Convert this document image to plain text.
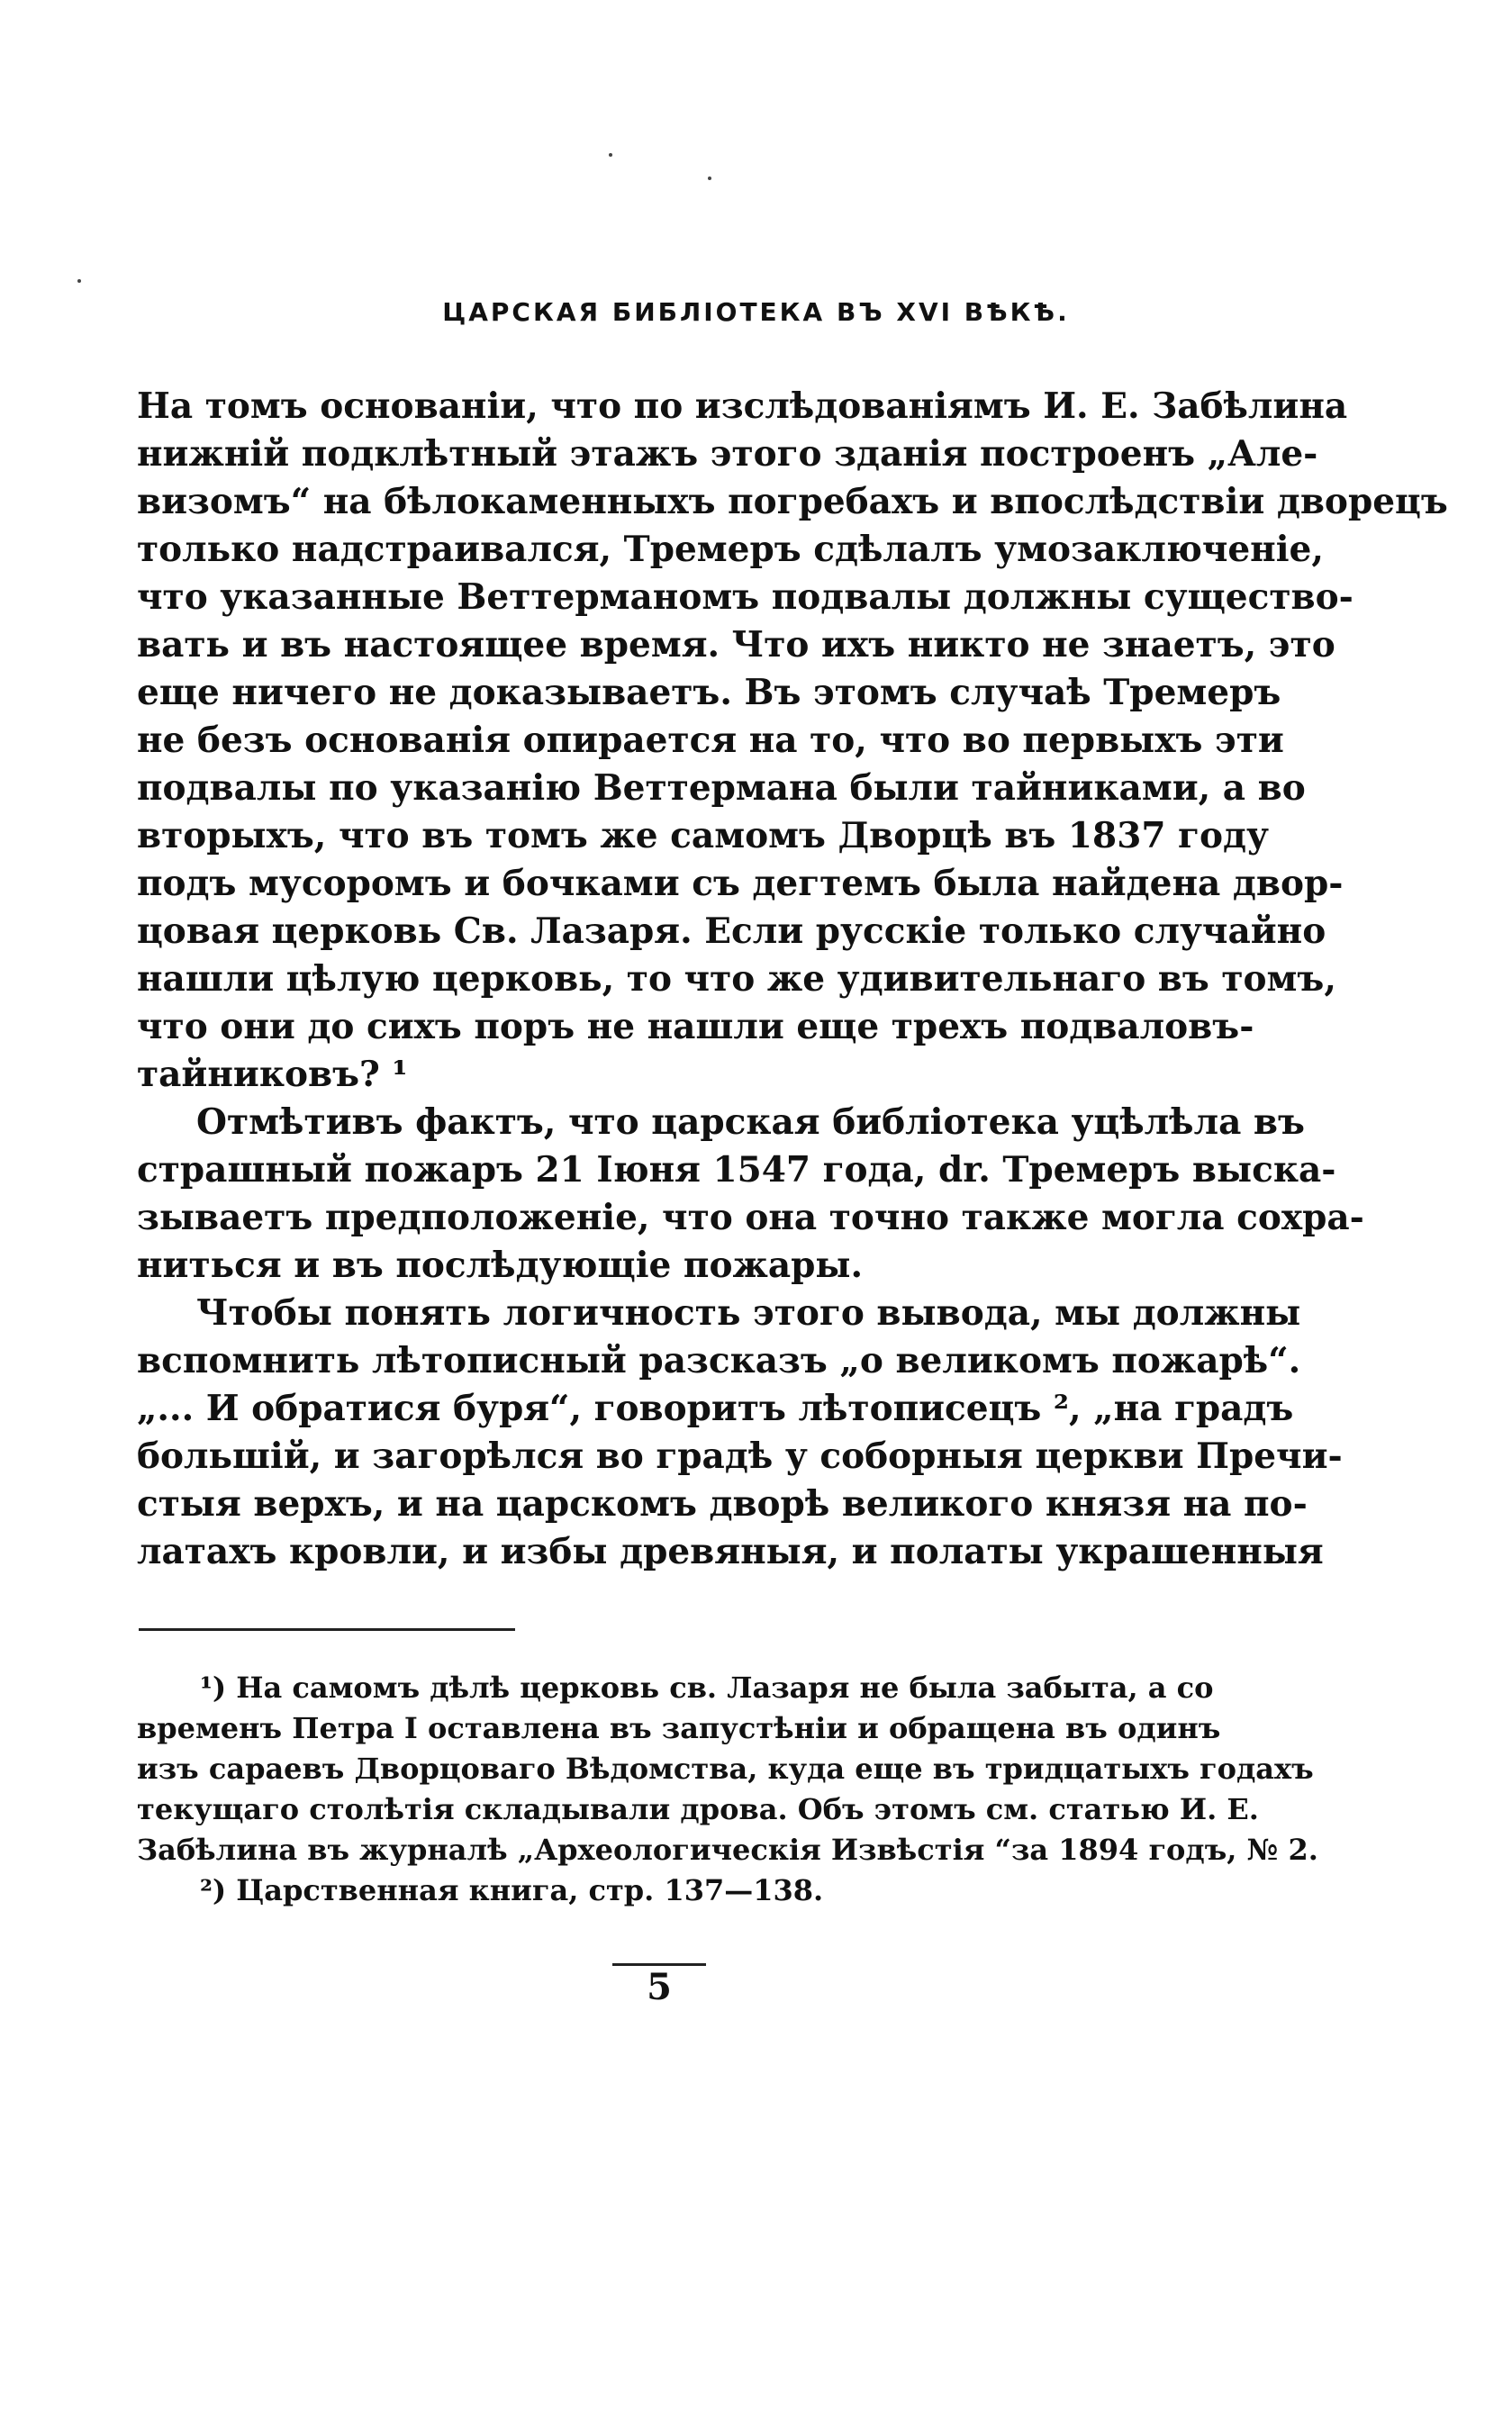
ЦАРСКАЯ БИБЛІОТЕКА ВЪ XVI ВѢКѢ.
На томъ основаніи, что по изслѣдованіямъ И. Е. Забѣлина
нижній подклѣтный этажъ этого зданія построенъ „Але-
визомъ“ на бѣлокаменныхъ погребахъ и впослѣдствіи дворецъ
только надстраивался, Тремеръ сдѣлалъ умозаключеніе,
что указанные Веттерманомъ подвалы должны существо-
вать и въ настоящее время. Что ихъ никто не знаетъ, это
еще ничего не доказываетъ. Въ этомъ случаѣ Тремеръ
не безъ основанія опирается на то, что во первыхъ эти
подвалы по указанію Веттермана были тайниками, а во
вторыхъ, что въ томъ же самомъ Дворцѣ въ 1837 году
подъ мусоромъ и бочками съ дегтемъ была найдена двор-
цовая церковь Св. Лазаря. Если русскіе только случайно
нашли цѣлую церковь, то что же удивительнаго въ томъ,
что они до сихъ поръ не нашли еще трехъ подваловъ-
тайниковъ? ¹
Отмѣтивъ фактъ, что царская библіотека уцѣлѣла въ
страшный пожаръ 21 Іюня 1547 года, dr. Тремеръ выска-
зываетъ предположеніе, что она точно также могла сохра-
ниться и въ послѣдующіе пожары.
Чтобы понять логичность этого вывода, мы должны
вспомнить лѣтописный разсказъ „о великомъ пожарѣ“.
„... И обратися буря“, говоритъ лѣтописецъ ², „на градъ
большій, и загорѣлся во градѣ у соборныя церкви Пречи-
стыя верхъ, и на царскомъ дворѣ великого князя на по-
латахъ кровли, и избы древяныя, и полаты украшенныя
¹) На самомъ дѣлѣ церковь св. Лазаря не была забыта, а со
временъ Петра I оставлена въ запустѣніи и обращена въ одинъ
изъ сараевъ Дворцоваго Вѣдомства, куда еще въ тридцатыхъ годахъ
текущаго столѣтія складывали дрова. Объ этомъ см. статью И. Е.
Забѣлина въ журналѣ „Археологическія Извѣстія “за 1894 годъ, № 2.
²) Царственная книга, стр. 137—138.
5
